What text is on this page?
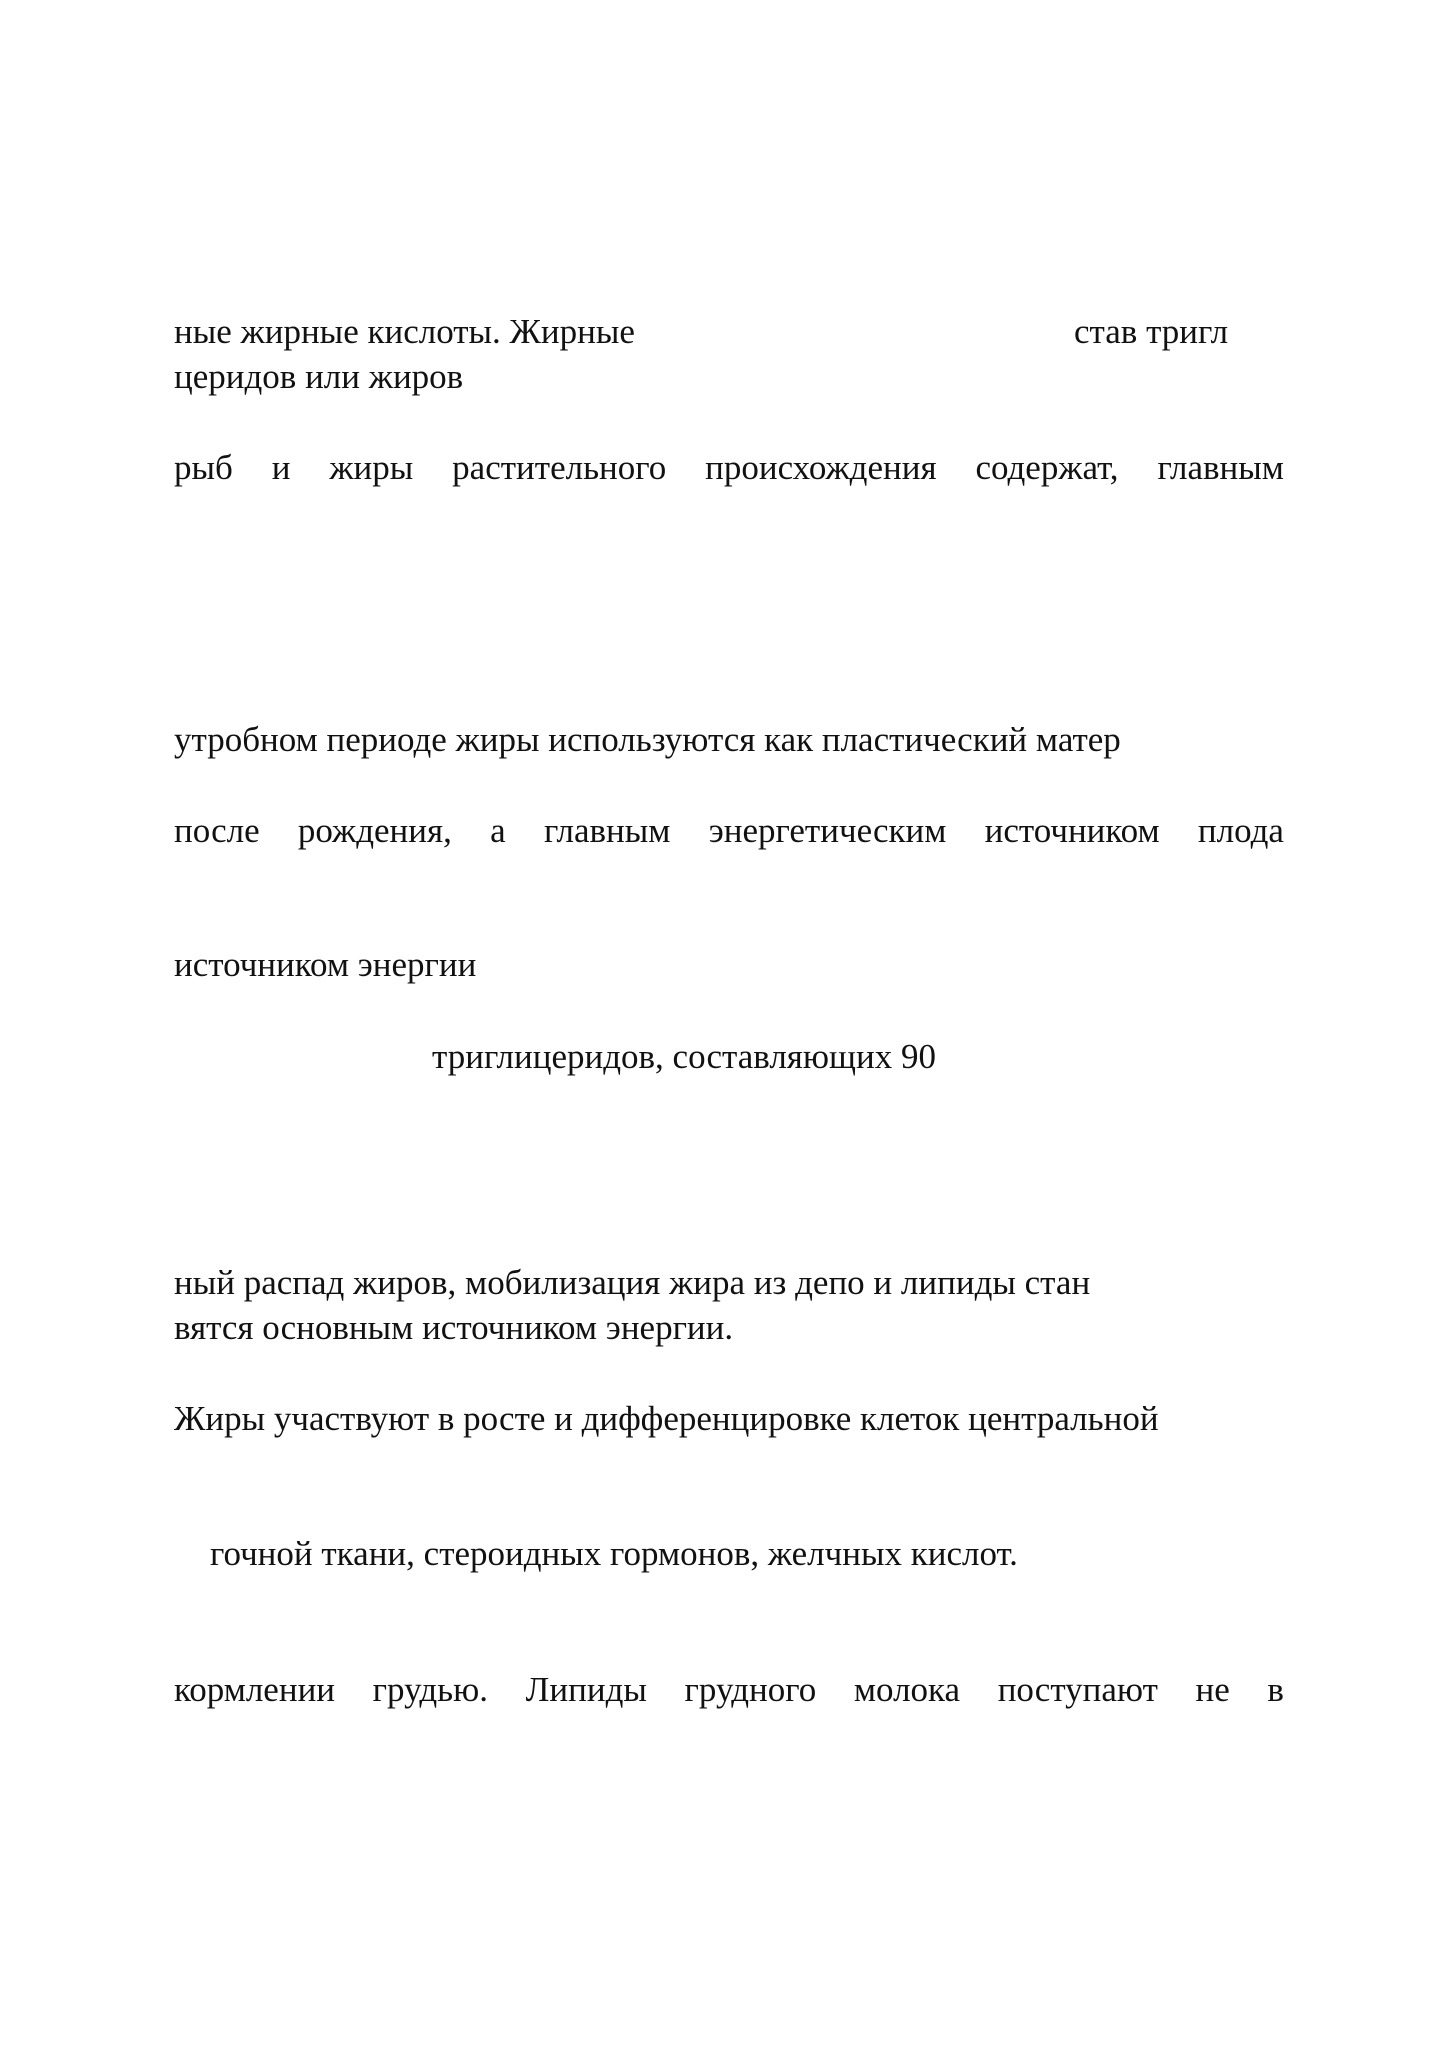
ные жирные кислоты. Жирные	став тригл

церидов или жиров

рыб и жиры растительного происхождения содержат, главным

утробном периоде жиры используются как пластический матер

после рождения, а главным энергетическим источником плода

источником энергии

триглицеридов, составляющих 90

ный распад жиров, мобилизация жира из депо и липиды стан

вятся основным источником энергии.

Жиры участвуют в росте и дифференцировке клеток центральной

гочной ткани, стероидных гормонов, желчных кислот.

кормлении грудью. Липиды грудного молока поступают не в
